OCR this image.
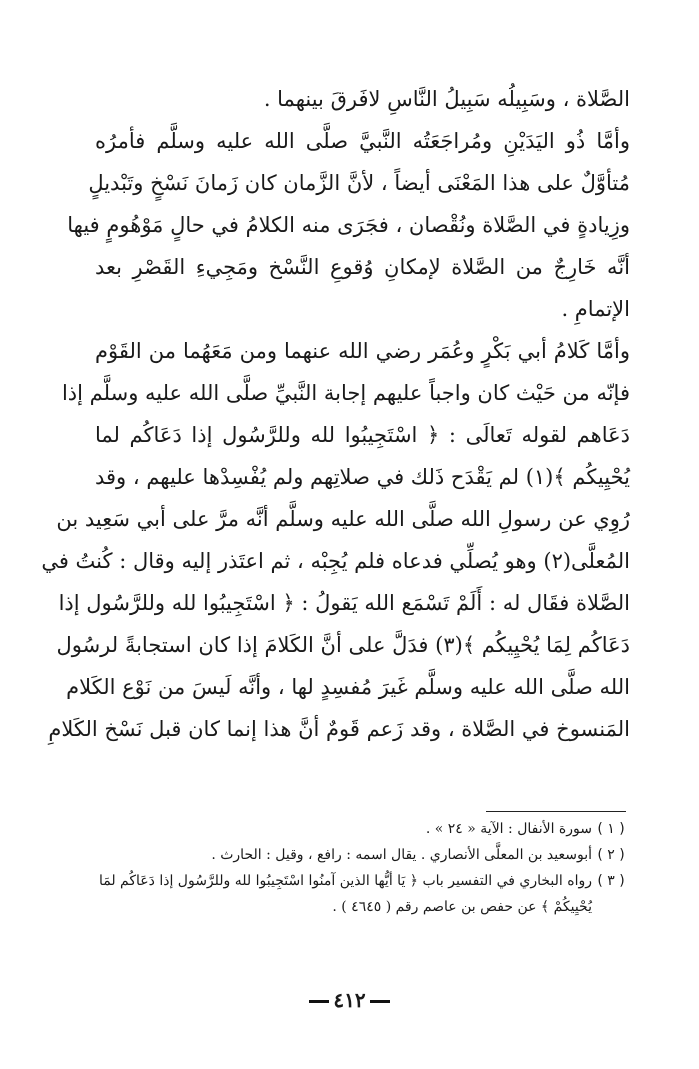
الصَّلاة ، وسَبِيلُه سَبِيلُ النَّاسِ لافَرقَ بينهما .
وأمَّا ذُو اليَدَيْنِ ومُراجَعَتُه النَّبيَّ صلَّى الله عليه وسلَّم فأمرُه
مُتأوَّلٌ على هذا المَعْنَى أيضاً ، لأنَّ الزَّمان كان زَمانَ نَسْخٍ وتَبْديلٍ
وزِيادةٍ في الصَّلاة ونُقْصان ، فجَرَى منه الكلامُ في حالٍ مَوْهُومٍ فيها
أنَّه خَارِجٌ من الصَّلاة لإمكانِ وُقوعِ النَّسْخ ومَجِيءِ القَصْرِ بعد
الإتمامِ .
وأمَّا كَلامُ أبي بَكْرٍ وعُمَر رضي الله عنهما ومن مَعَهُما من القَوْم
فإنّه من حَيْث كان واجباً عليهم إجابة النَّبيِّ صلَّى الله عليه وسلَّم إذا
دَعَاهم لقوله تَعالَى : ﴿ اسْتَجِيبُوا لله وللرَّسُول إذا دَعَاكُم لما
يُحْيِيكُم ﴾(١) لم يَقْدَح ذَلك في صلاتِهم ولم يُفْسِدْها عليهم ، وقد
رُوِي عن رسولِ الله صلَّى الله عليه وسلَّم أنَّه مرَّ على أبي سَعِيد بن
المُعلَّى(٢) وهو يُصلِّي فدعاه فلم يُجِبْه ، ثم اعتَذر إليه وقال : كُنتُ في
الصَّلاة فقَال له : أَلَمْ تَسْمَع الله يَقولُ : ﴿ اسْتَجِيبُوا لله وللرَّسُول إذا
دَعَاكُم لِمَا يُحْيِيكُم ﴾(٣) فدَلَّ على أنَّ الكَلامَ إذا كان استجابةً لرسُول
الله صلَّى الله عليه وسلَّم غَيرَ مُفسِدٍ لها ، وأنَّه لَيسَ من نَوْع الكَلام
المَنسوخ في الصَّلاة ، وقد زَعم قَومٌ أنَّ هذا إنما كان قبل نَسْخ الكَلامِ
( ١ )
سورة الأنفال : الآية « ٢٤ » .
( ٢ )
أبوسعيد بن المعلَّى الأنصاري . يقال اسمه : رافع ، وقيل : الحارث .
( ٣ )
رواه البخاري في التفسير باب ﴿ يَا أيُّها الذين آمنُوا اسْتَجِيبُوا لله وللرَّسُول إذا دَعَاكُم لمَا
يُحْيِيكُمْ ﴾ عن حفص بن عاصم رقم ( ٤٦٤٥ ) .
٤١٢
